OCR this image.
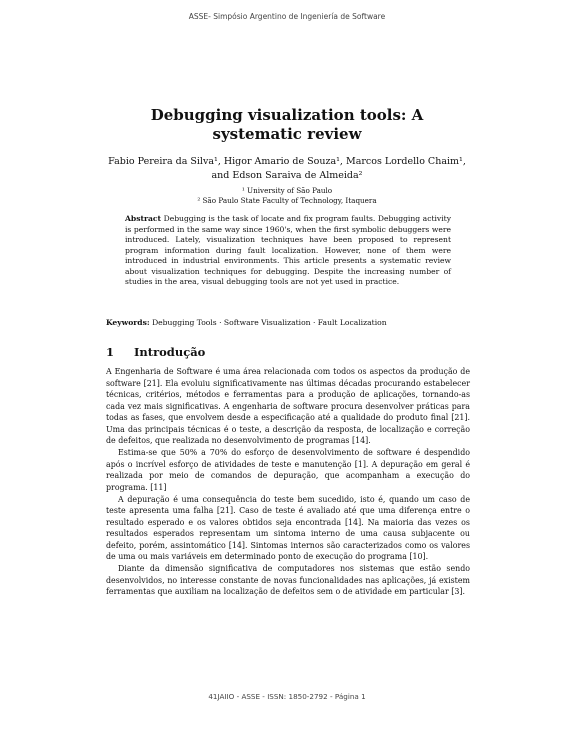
ASSE- Simpósio Argentino de Ingeniería de Software
Debugging visualization tools: A systematic review
Fabio Pereira da Silva¹, Higor Amario de Souza¹, Marcos Lordello Chaim¹,
and Edson Saraiva de Almeida²

¹ University of São Paulo

² São Paulo State Faculty of Technology, Itaquera

Abstract Debugging is the task of locate and fix program faults. Debugging activity is performed in the same way since 1960's, when the first symbolic debuggers were introduced. Lately, visualization techniques have been proposed to represent program information during fault localization. However, none of them were introduced in industrial environments. This article presents a systematic review about visualization techniques for debugging. Despite the increasing number of studies in the area, visual debugging tools are not yet used in practice.
Keywords: Debugging Tools · Software Visualization · Fault Localization
1 Introdução

A Engenharia de Software é uma área relacionada com todos os aspectos da produção de software [21]. Ela evoluiu significativamente nas últimas décadas procurando estabelecer técnicas, critérios, métodos e ferramentas para a produção de aplicações, tornando-as cada vez mais significativas. A engenharia de software procura desenvolver práticas para todas as fases, que envolvem desde a especificação até a qualidade do produto final [21]. Uma das principais técnicas é o teste, a descrição da resposta, de localização e correção de defeitos, que realizada no desenvolvimento de programas [14].

Estima-se que 50% a 70% do esforço de desenvolvimento de software é despendido após o incrível esforço de atividades de teste e manutenção [1]. A depuração em geral é realizada por meio de comandos de depuração, que acompanham a execução do programa. [11]

A depuração é uma consequência do teste bem sucedido, isto é, quando um caso de teste apresenta uma falha [21]. Caso de teste é avaliado até que uma diferença entre o resultado esperado e os valores obtidos seja encontrada [14]. Na maioria das vezes os resultados esperados representam um sintoma interno de uma causa subjacente ou defeito, porém, assintomático [14]. Sintomas internos são caracterizados como os valores de uma ou mais variáveis em determinado ponto de execução do programa [10].

Diante da dimensão significativa de computadores nos sistemas que estão sendo desenvolvidos, no interesse constante de novas funcionalidades nas aplicações, já existem ferramentas que auxiliam na localização de defeitos sem o de atividade em particular [3].

41JAIIO - ASSE - ISSN: 1850-2792 - Página 1
